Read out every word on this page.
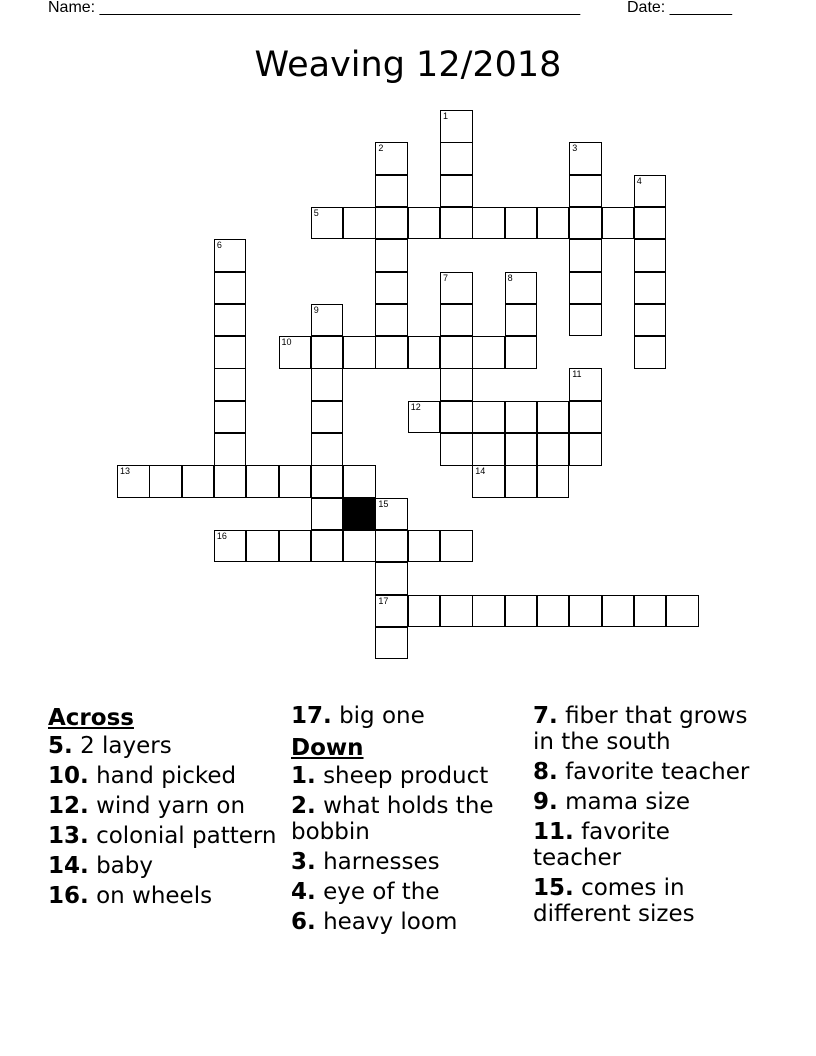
Name: ______________________________________________________	Date: _______
Weaving 12/2018
1
2	3
4
5
6
7	8
9
10
11
12
13	14
15
16
17
Across
5. 2 layers
10. hand picked
12. wind yarn on
13. colonial pattern
14. baby
16. on wheels
17. big one
Down
1. sheep product
2. what holds the bobbin
3. harnesses
4. eye of the
6. heavy loom
7. fiber that grows in the south
8. favorite teacher
9. mama size
11. favorite teacher
15. comes in different sizes
